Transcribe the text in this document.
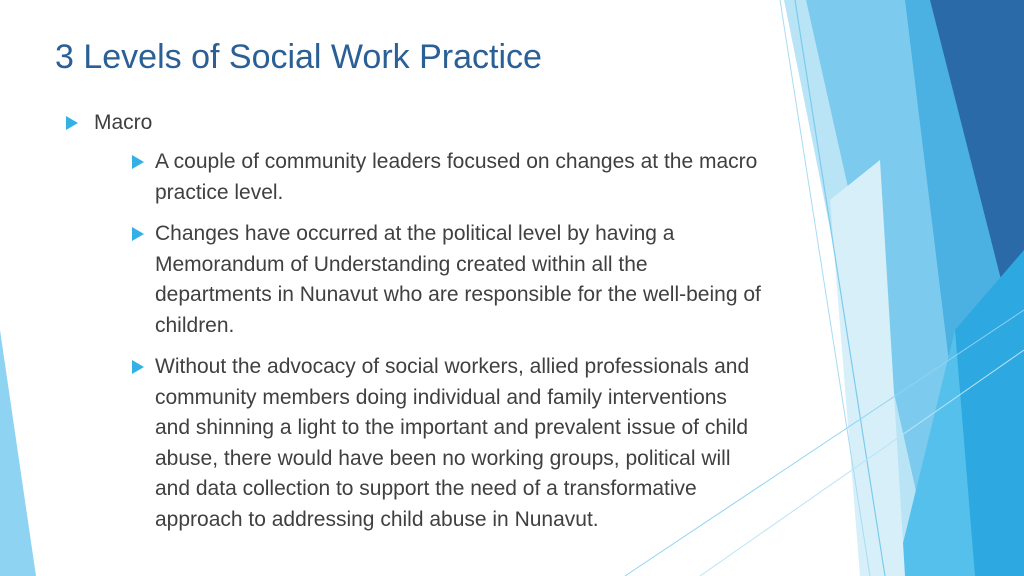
3 Levels of Social Work Practice
Macro
A couple of community leaders focused on changes at the macro practice level.
Changes have occurred at the political level by having a Memorandum of Understanding created within all the departments in Nunavut who are responsible for the well-being of children.
Without the advocacy of social workers, allied professionals and community members doing individual and family interventions and shinning a light to the important and prevalent issue of child abuse, there would have been no working groups, political will and data collection to support the need of a transformative approach to addressing child abuse in Nunavut.
